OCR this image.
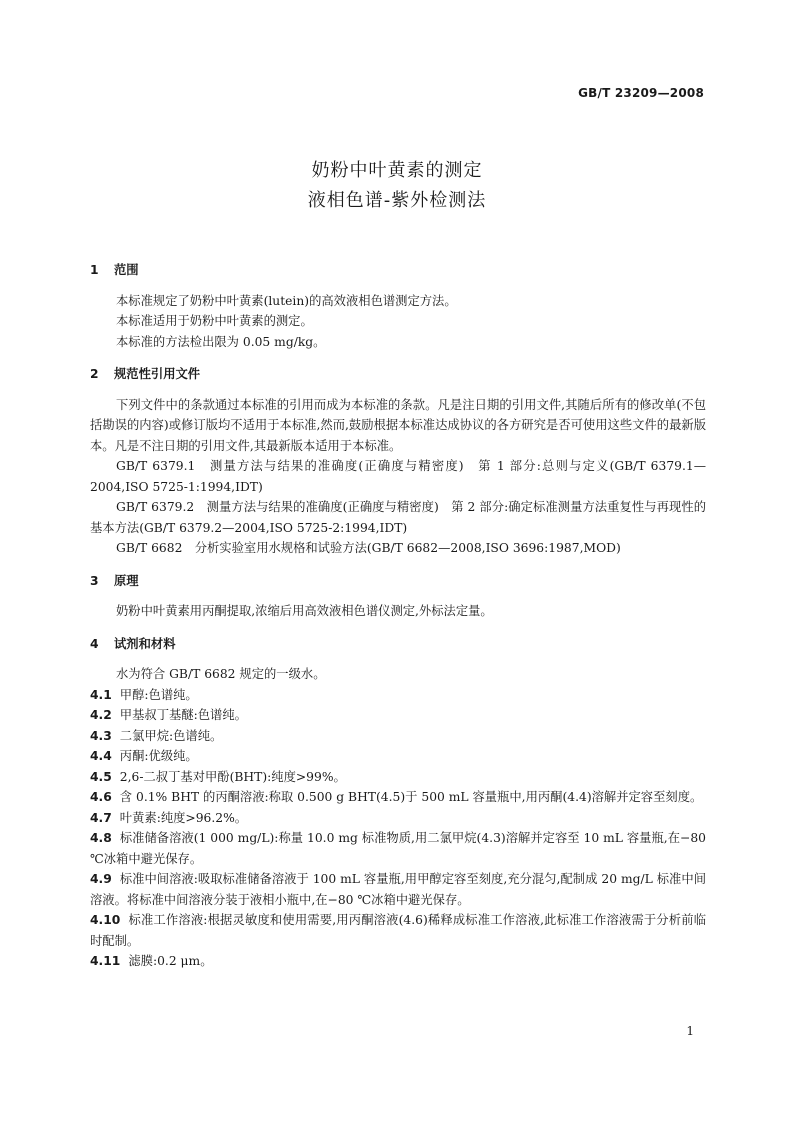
GB/T 23209—2008
奶粉中叶黄素的测定
液相色谱-紫外检测法
1 范围
本标准规定了奶粉中叶黄素(lutein)的高效液相色谱测定方法。
本标准适用于奶粉中叶黄素的测定。
本标准的方法检出限为 0.05 mg/kg。
2 规范性引用文件
下列文件中的条款通过本标准的引用而成为本标准的条款。凡是注日期的引用文件,其随后所有的修改单(不包括勘误的内容)或修订版均不适用于本标准,然而,鼓励根据本标准达成协议的各方研究是否可使用这些文件的最新版本。凡是不注日期的引用文件,其最新版本适用于本标准。
GB/T 6379.1　测量方法与结果的准确度(正确度与精密度)　第 1 部分:总则与定义(GB/T 6379.1—2004,ISO 5725-1:1994,IDT)
GB/T 6379.2　测量方法与结果的准确度(正确度与精密度)　第 2 部分:确定标准测量方法重复性与再现性的基本方法(GB/T 6379.2—2004,ISO 5725-2:1994,IDT)
GB/T 6682　分析实验室用水规格和试验方法(GB/T 6682—2008,ISO 3696:1987,MOD)
3 原理
奶粉中叶黄素用丙酮提取,浓缩后用高效液相色谱仪测定,外标法定量。
4 试剂和材料
水为符合 GB/T 6682 规定的一级水。
4.1 甲醇:色谱纯。
4.2 甲基叔丁基醚:色谱纯。
4.3 二氯甲烷:色谱纯。
4.4 丙酮:优级纯。
4.5 2,6-二叔丁基对甲酚(BHT):纯度>99%。
4.6 含 0.1% BHT 的丙酮溶液:称取 0.500 g BHT(4.5)于 500 mL 容量瓶中,用丙酮(4.4)溶解并定容至刻度。
4.7 叶黄素:纯度>96.2%。
4.8 标准储备溶液(1 000 mg/L):称量 10.0 mg 标准物质,用二氯甲烷(4.3)溶解并定容至 10 mL 容量瓶,在−80 ℃冰箱中避光保存。
4.9 标准中间溶液:吸取标准储备溶液于 100 mL 容量瓶,用甲醇定容至刻度,充分混匀,配制成 20 mg/L 标准中间溶液。将标准中间溶液分装于液相小瓶中,在−80 ℃冰箱中避光保存。
4.10 标准工作溶液:根据灵敏度和使用需要,用丙酮溶液(4.6)稀释成标准工作溶液,此标准工作溶液需于分析前临时配制。
4.11 滤膜:0.2 μm。
1
